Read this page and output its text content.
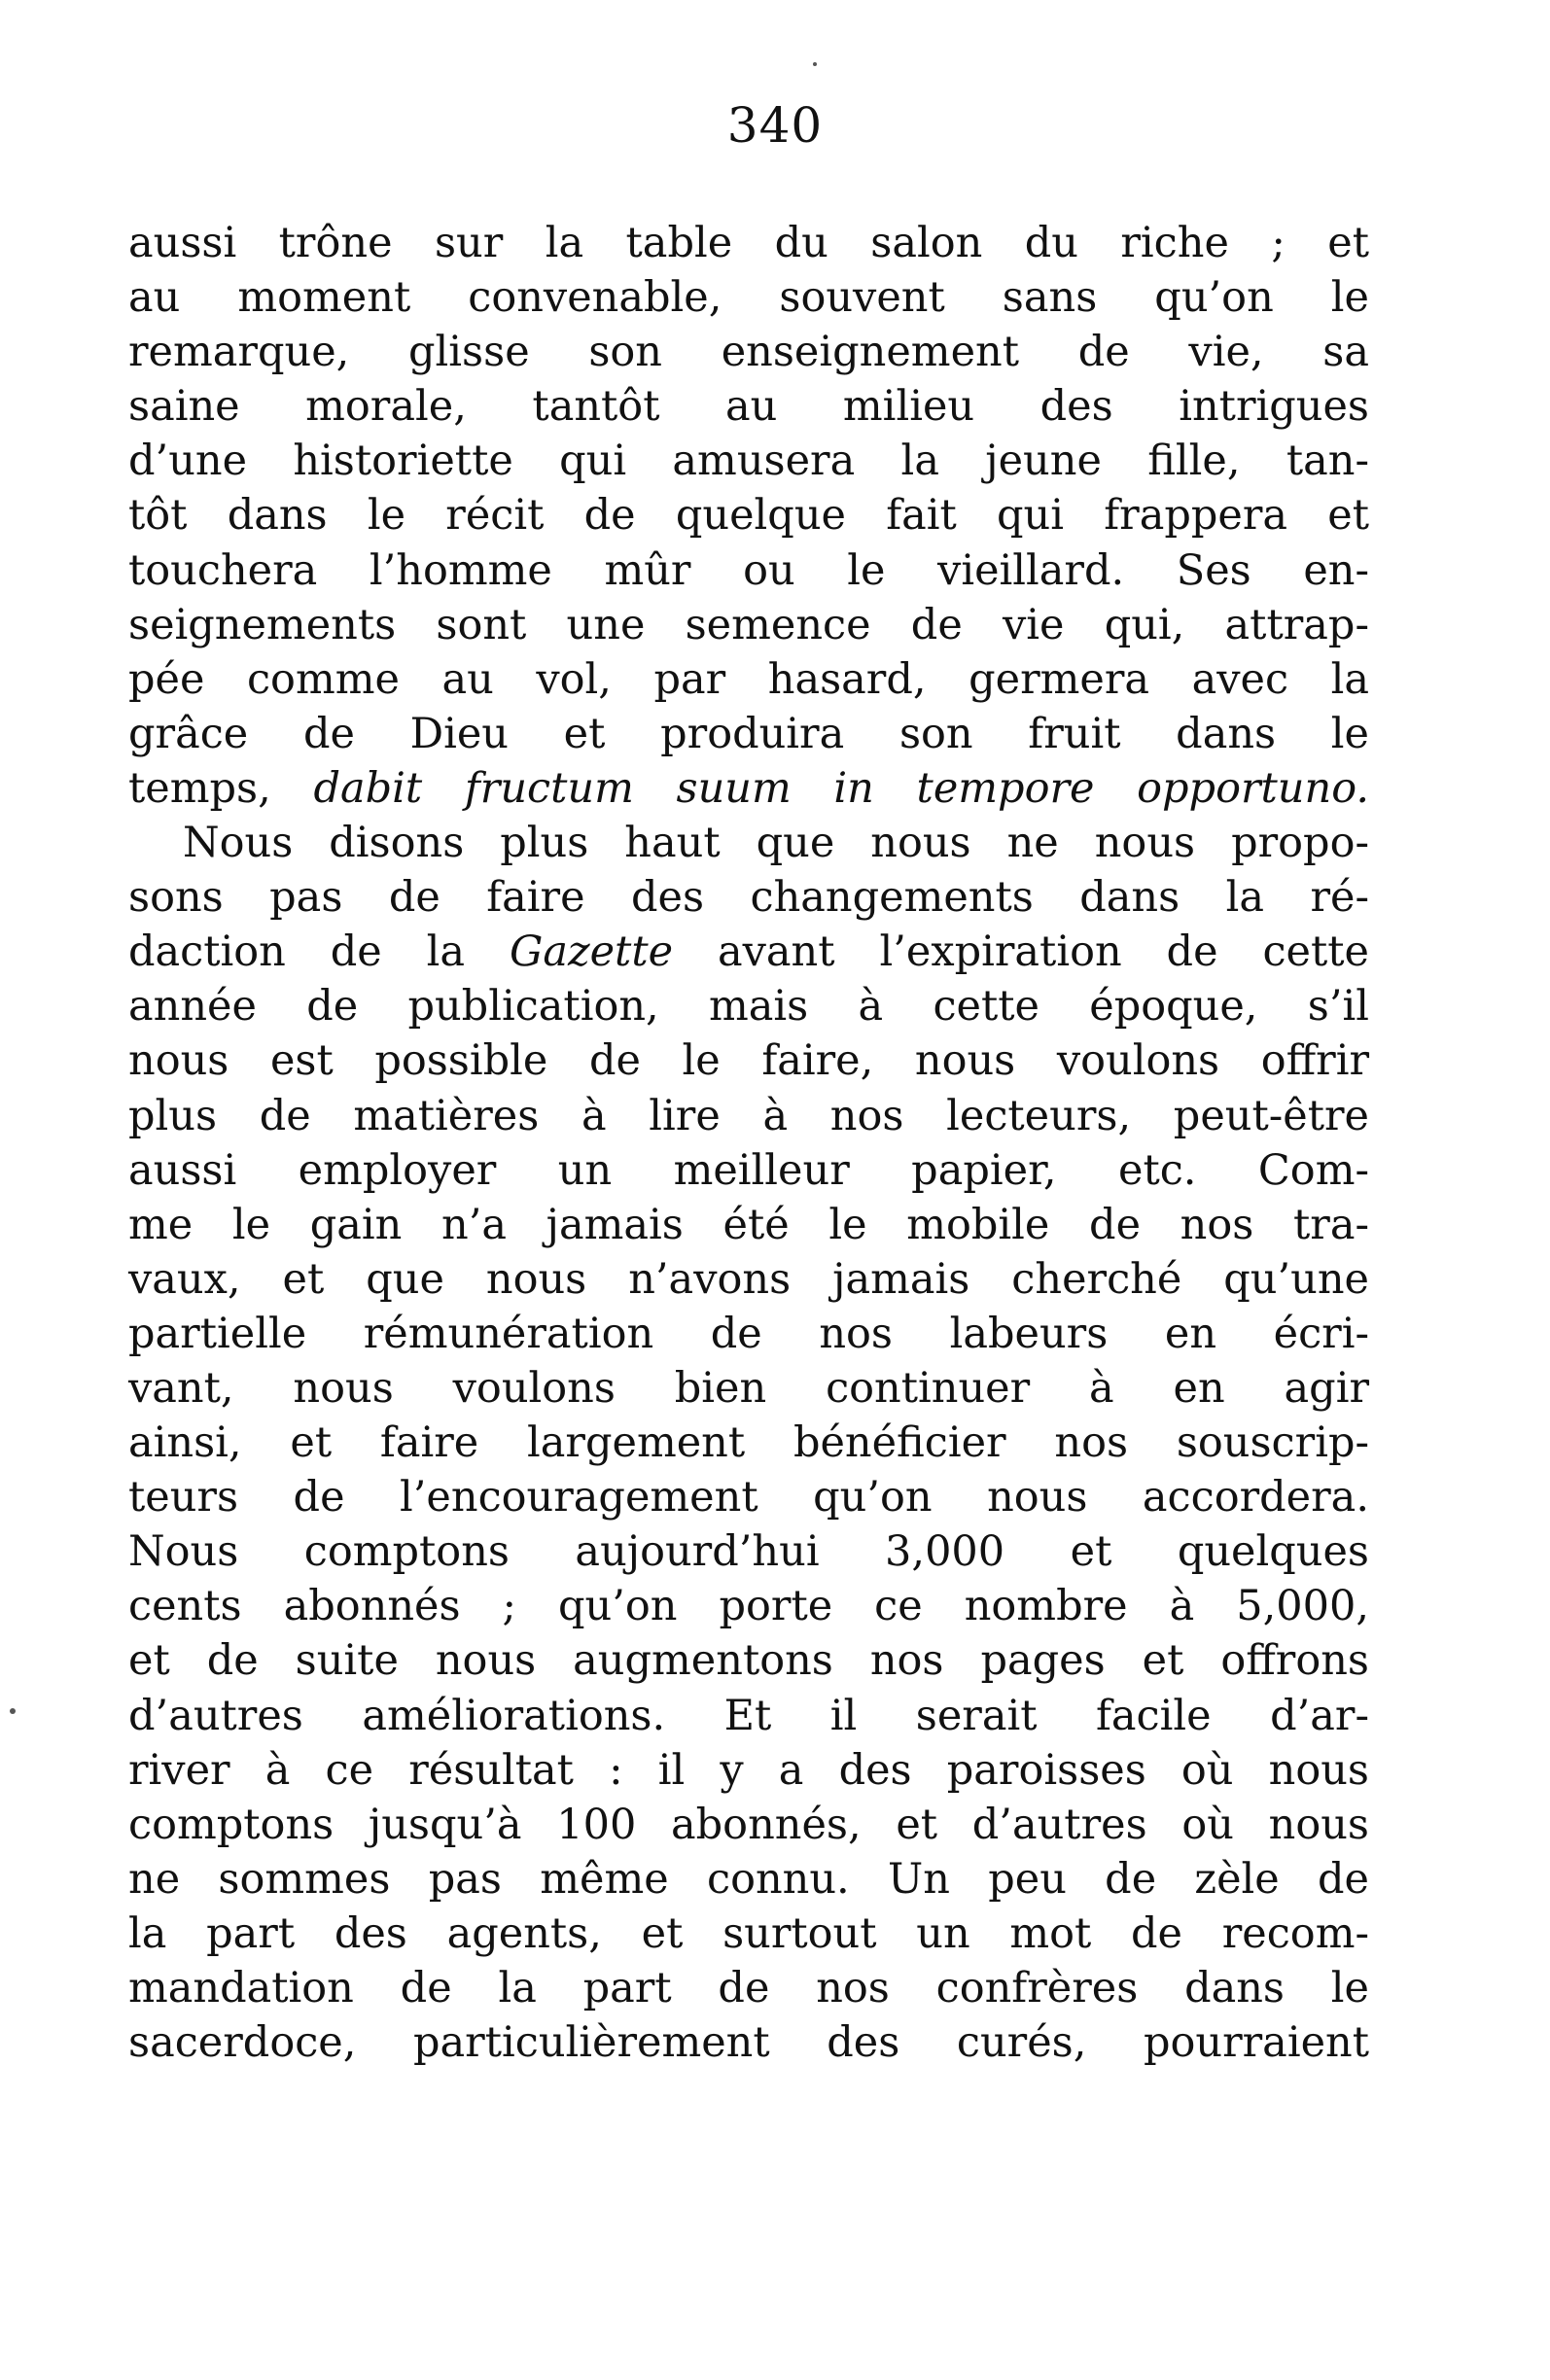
340
aussi trône sur la table du salon du riche ; et
au moment convenable, souvent sans qu’on le
remarque, glisse son enseignement de vie, sa
saine morale, tantôt au milieu des intrigues
d’une historiette qui amusera la jeune fille, tan-
tôt dans le récit de quelque fait qui frappera et
touchera l’homme mûr ou le vieillard. Ses en-
seignements sont une semence de vie qui, attrap-
pée comme au vol, par hasard, germera avec la
grâce de Dieu et produira son fruit dans le
temps, dabit fructum suum in tempore opportuno.
Nous disons plus haut que nous ne nous propo-
sons pas de faire des changements dans la ré-
daction de la Gazette avant l’expiration de cette
année de publication, mais à cette époque, s’il
nous est possible de le faire, nous voulons offrir
plus de matières à lire à nos lecteurs, peut-être
aussi employer un meilleur papier, etc. Com-
me le gain n’a jamais été le mobile de nos tra-
vaux, et que nous n’avons jamais cherché qu’une
partielle rémunération de nos labeurs en écri-
vant, nous voulons bien continuer à en agir
ainsi, et faire largement bénéficier nos souscrip-
teurs de l’encouragement qu’on nous accordera.
Nous comptons aujourd’hui 3,000 et quelques
cents abonnés ; qu’on porte ce nombre à 5,000,
et de suite nous augmentons nos pages et offrons
d’autres améliorations. Et il serait facile d’ar-
river à ce résultat : il y a des paroisses où nous
comptons jusqu’à 100 abonnés, et d’autres où nous
ne sommes pas même connu. Un peu de zèle de
la part des agents, et surtout un mot de recom-
mandation de la part de nos confrères dans le
sacerdoce, particulièrement des curés, pourraient
